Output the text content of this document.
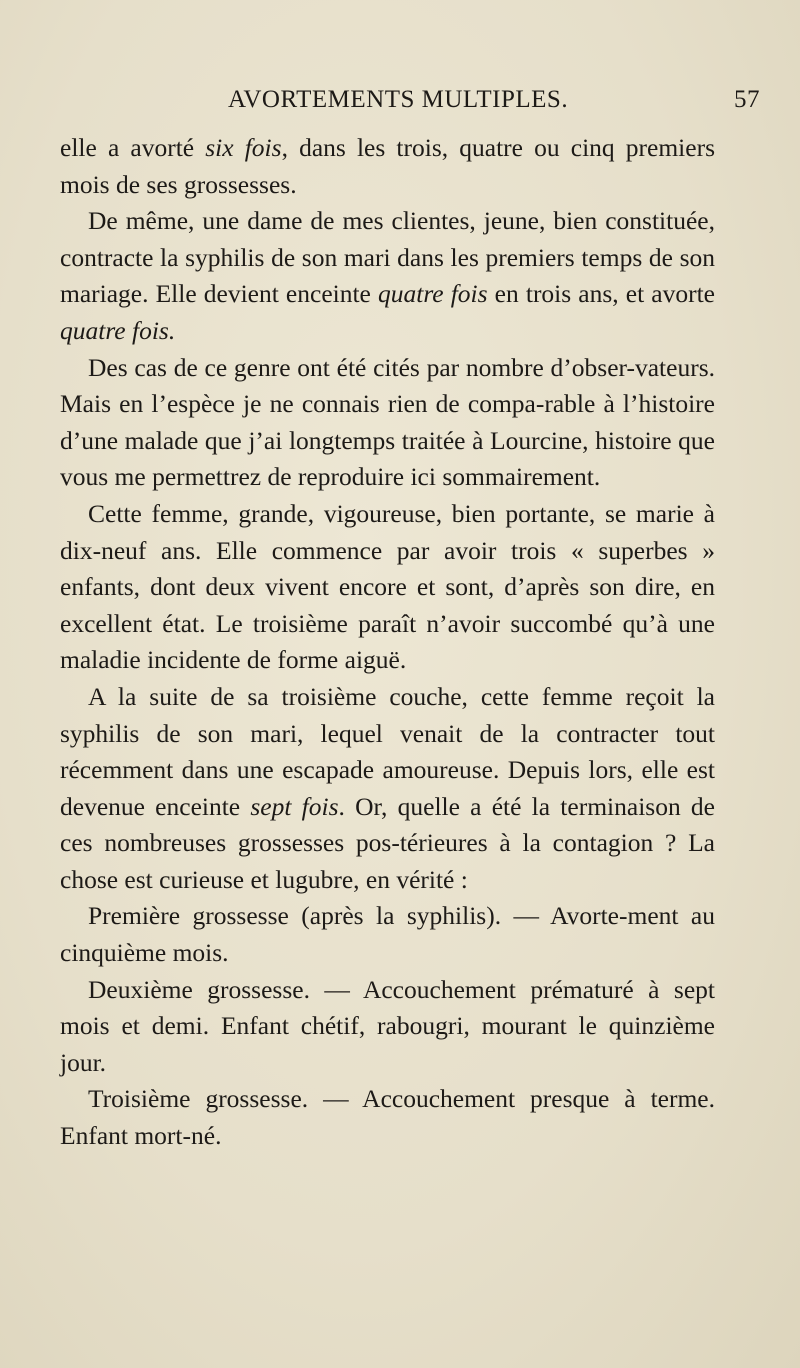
AVORTEMENTS MULTIPLES.	57

elle a avorté six fois, dans les trois, quatre ou cinq premiers mois de ses grossesses.

De même, une dame de mes clientes, jeune, bien constituée, contracte la syphilis de son mari dans les premiers temps de son mariage. Elle devient enceinte quatre fois en trois ans, et avorte quatre fois.

Des cas de ce genre ont été cités par nombre d’obser-vateurs. Mais en l’espèce je ne connais rien de compa-rable à l’histoire d’une malade que j’ai longtemps traitée à Lourcine, histoire que vous me permettrez de reproduire ici sommairement.

Cette femme, grande, vigoureuse, bien portante, se marie à dix-neuf ans. Elle commence par avoir trois « superbes » enfants, dont deux vivent encore et sont, d’après son dire, en excellent état. Le troisième paraît n’avoir succombé qu’à une maladie incidente de forme aiguë.

A la suite de sa troisième couche, cette femme reçoit la syphilis de son mari, lequel venait de la contracter tout récemment dans une escapade amoureuse. Depuis lors, elle est devenue enceinte sept fois. Or, quelle a été la terminaison de ces nombreuses grossesses pos-térieures à la contagion ? La chose est curieuse et lugubre, en vérité :

Première grossesse (après la syphilis). — Avorte-ment au cinquième mois.

Deuxième grossesse. — Accouchement prématuré à sept mois et demi. Enfant chétif, rabougri, mourant le quinzième jour.

Troisième grossesse. — Accouchement presque à terme. Enfant mort-né.
